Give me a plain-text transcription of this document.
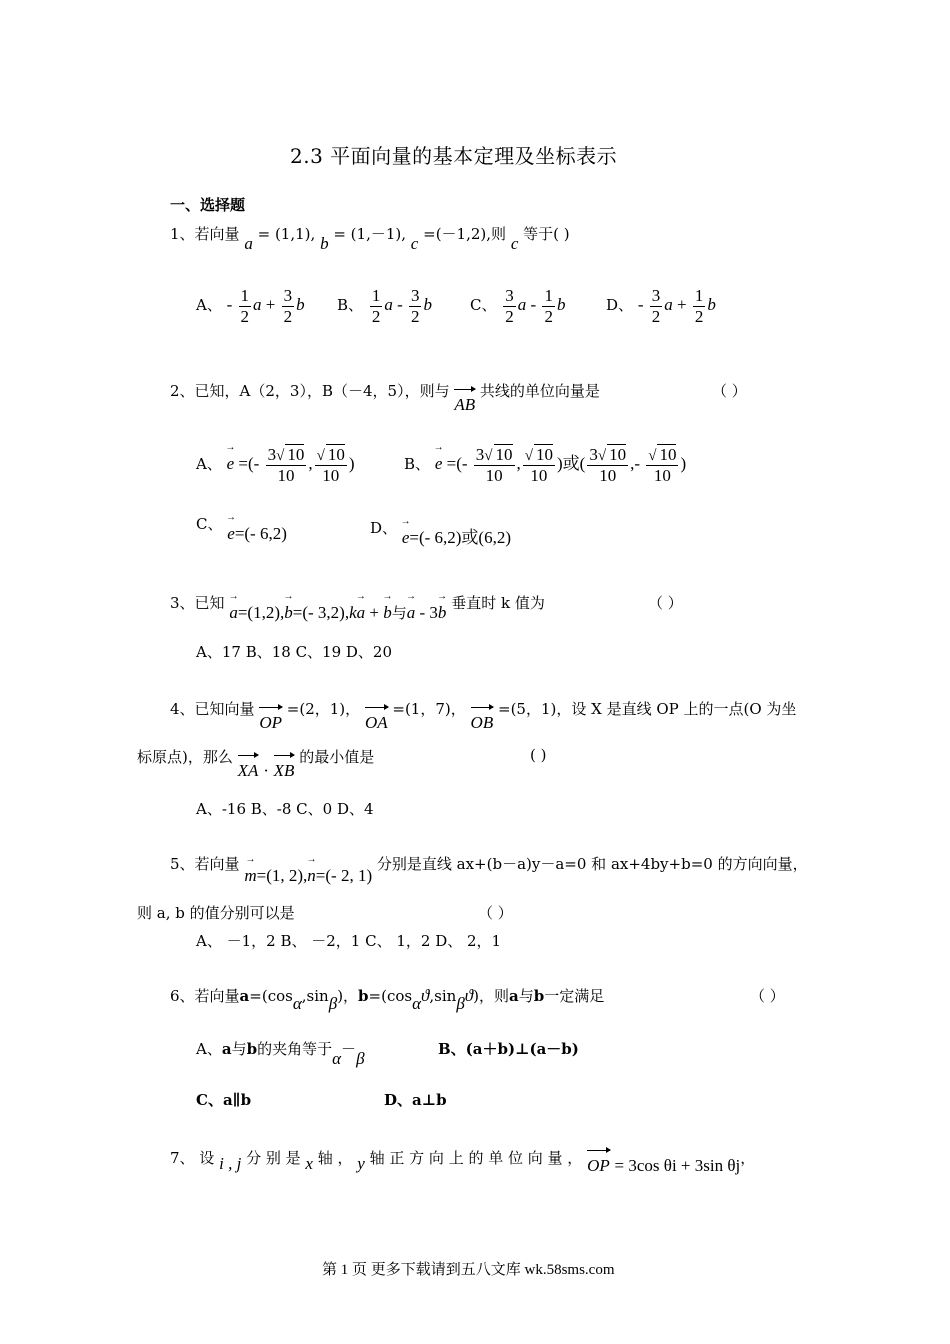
2.3 平面向量的基本定理及坐标表示
一、选择题
1、若向量 a = (1,1), b = (1,－1), c =(－1,2),则 c 等于( )
A、 - $\frac{1}{2}$ $a + \frac{3}{2}$ b B、 $\frac{1}{2}$ a - $\frac{3}{2}$ b	C、 $\frac{3}{2}$ a - $\frac{1}{2}$ b	D、 - $\frac{3}{2}$ $a + \frac{1}{2}$ b
2、已知，A（2，3），B（－4，5），则与 AB 共线的单位向量是	（ ）
A、 → e =(- $\frac{3√ 10}{10}$ , $\frac{√ 10}{10}$ )	B、 → e =(- $\frac{3√ 10}{10}$ , $\frac{√ 10}{10}$ )或( $\frac{3√ 10}{10}$ ,- $\frac{√ 10}{10}$ )
C、 → e=(- 6,2)	D、 → e=(- 6,2)或(6,2)
3、已知 → a=(1,2),→ b=(- 3,2),k→ a + → b与→ a - 3→ b 垂直时 k 值为	（ ）
A、17 B、18 C、19 D、20
4、已知向量 OP =(2，1)， OA =(1，7)， OB =(5，1)，设 X 是直线 OP 上的一点(O 为坐
标原点)，那么 XA · XB 的最小值是	( )
A、-16 B、-8 C、0 D、4
5、若向量 → m=(1, 2),→ n=(- 2, 1) 分别是直线 ax+(b－a)y－a=0 和 ax+4by+b=0 的方向向量，
则 a, b 的值分别可以是	（ ）
A、 －1，2 B、 －2，1 C、 1，2 D、 2，1
6、若向量a=(cosα,sinβ)，b=(cosαϑ,sinβϑ)，则a与b一定满足	（ ）
A、a与b的夹角等于α－β	B、(a＋b)⊥(a－b)
C、a∥b	D、a⊥b
7、 设 i , j 分 别 是 x 轴 ， y 轴 正 方 向 上 的 单 位 向 量 ， OP = 3cos θi + 3sin θj，
第 1 页 更多下载请到五八文库 wk.58sms.com
